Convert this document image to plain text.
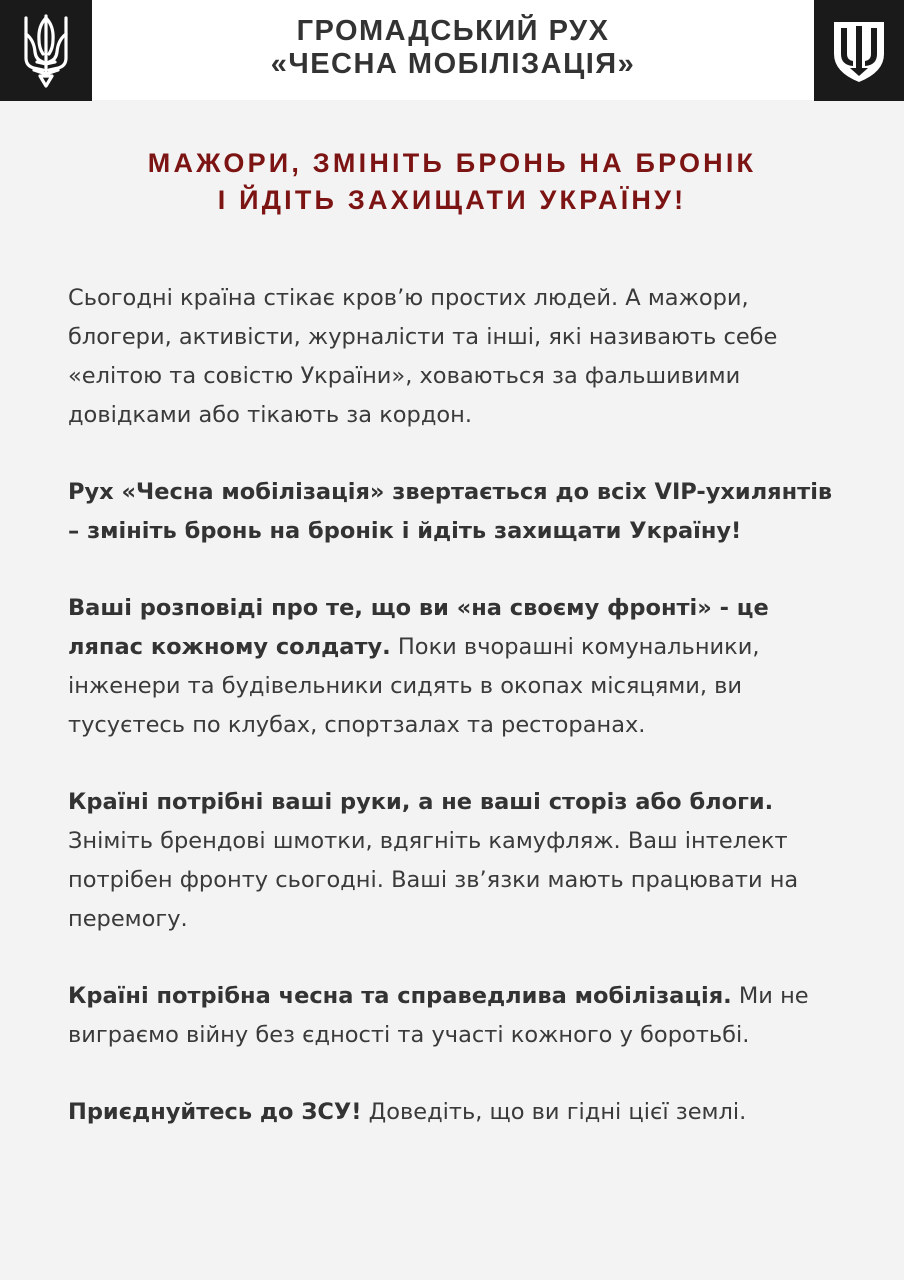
ГРОМАДСЬКИЙ РУХ
«ЧЕСНА МОБІЛІЗАЦІЯ»
МАЖОРИ, ЗМІНІТЬ БРОНЬ НА БРОНІК
І ЙДІТЬ ЗАХИЩАТИ УКРАЇНУ!
Сьогодні країна стікає кров’ю простих людей. А мажори,
блогери, активісти, журналісти та інші, які називають себе
«елітою та совістю України», ховаються за фальшивими
довідками або тікають за кордон.
Рух «Чесна мобілізація» звертається до всіх VIP-ухилянтів
– змініть бронь на бронік і йдіть захищати Україну!
Ваші розповіді про те, що ви «на своєму фронті» - це
ляпас кожному солдату. Поки вчорашні комунальники,
інженери та будівельники сидять в окопах місяцями, ви
тусуєтесь по клубах, спортзалах та ресторанах.
Країні потрібні ваші руки, а не ваші сторіз або блоги.
Зніміть брендові шмотки, вдягніть камуфляж. Ваш інтелект
потрібен фронту сьогодні. Ваші зв’язки мають працювати на
перемогу.
Країні потрібна чесна та справедлива мобілізація. Ми не
виграємо війну без єдності та участі кожного у боротьбі.
Приєднуйтесь до ЗСУ! Доведіть, що ви гідні цієї землі.
